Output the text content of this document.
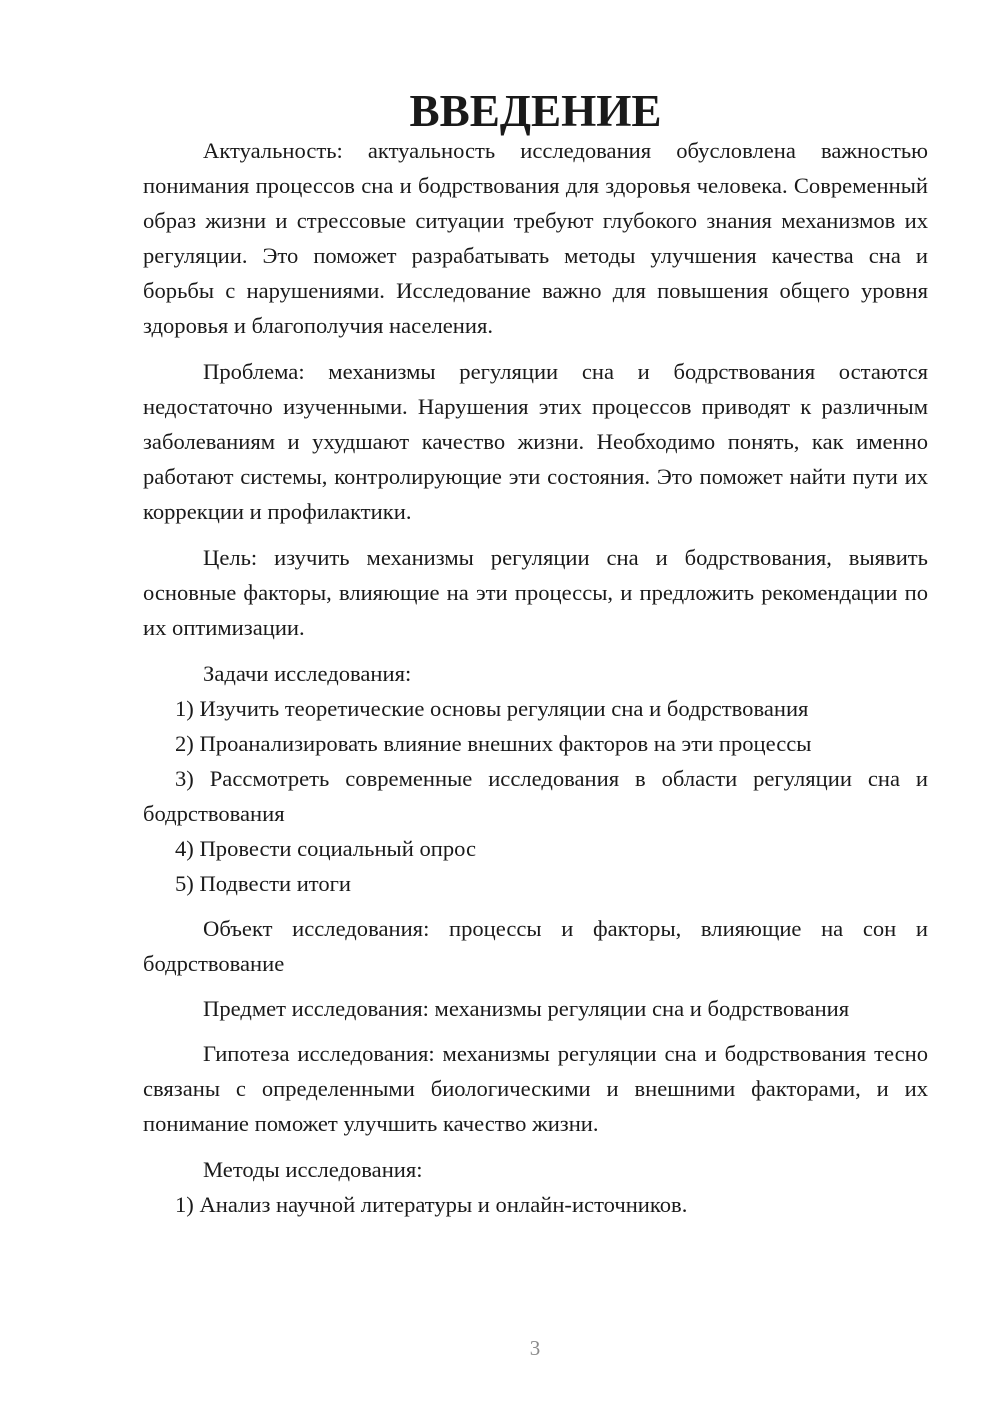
ВВЕДЕНИЕ

Актуальность: актуальность исследования обусловлена важностью понимания процессов сна и бодрствования для здоровья человека. Современный образ жизни и стрессовые ситуации требуют глубокого знания механизмов их регуляции. Это поможет разрабатывать методы улучшения качества сна и борьбы с нарушениями. Исследование важно для повышения общего уровня здоровья и благополучия населения.

Проблема: механизмы регуляции сна и бодрствования остаются недостаточно изученными. Нарушения этих процессов приводят к различным заболеваниям и ухудшают качество жизни. Необходимо понять, как именно работают системы, контролирующие эти состояния. Это поможет найти пути их коррекции и профилактики.

Цель: изучить механизмы регуляции сна и бодрствования, выявить основные факторы, влияющие на эти процессы, и предложить рекомендации по их оптимизации.

Задачи исследования:

1) Изучить теоретические основы регуляции сна и бодрствования

2) Проанализировать влияние внешних факторов на эти процессы

3) Рассмотреть современные исследования в области регуляции сна и бодрствования

4) Провести социальный опрос

5) Подвести итоги

Объект исследования: процессы и факторы, влияющие на сон и бодрствование

Предмет исследования: механизмы регуляции сна и бодрствования

Гипотеза исследования: механизмы регуляции сна и бодрствования тесно связаны с определенными биологическими и внешними факторами, и их понимание поможет улучшить качество жизни.

Методы исследования:

1) Анализ научной литературы и онлайн-источников.

3
